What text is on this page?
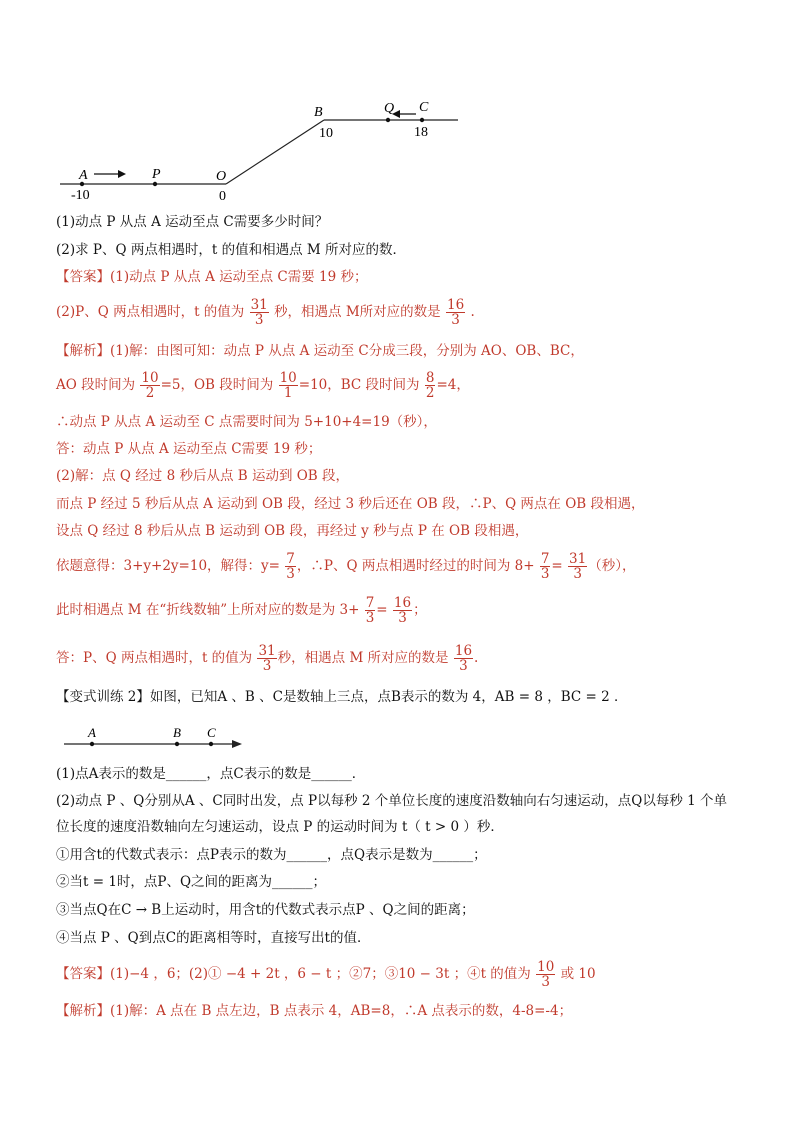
A	P	O
B	Q C
-10	0
10	18
(1)动点 P 从点 A 运动至点 C需要多少时间？
(2)求 P、Q 两点相遇时，t 的值和相遇点 M 所对应的数．
【答案】(1)动点 P 从点 A 运动至点 C需要 19 秒；
(2)P、Q 两点相遇时，t 的值为 $\frac{31}{3}$ 秒，相遇点 M所对应的数是 $\frac{16}{3}$ .
【解析】(1)解：由图可知：动点 P 从点 A 运动至 C分成三段，分别为 AO、OB、BC，
AO 段时间为 $\frac{10}{2} =5$，OB 段时间为 $\frac{10}{1} =10$，BC 段时间为 $\frac{8}{2} =4$，
∴动点 P 从点 A 运动至 C 点需要时间为 5+10+4=19（秒），
答：动点 P 从点 A 运动至点 C需要 19 秒；
(2)解：点 Q 经过 8 秒后从点 B 运动到 OB 段，
而点 P 经过 5 秒后从点 A 运动到 OB 段，经过 3 秒后还在 OB 段，∴P、Q 两点在 OB 段相遇，
设点 Q 经过 8 秒后从点 B 运动到 OB 段，再经过 y 秒与点 P 在 OB 段相遇，
依题意得：3+y+2y=10，解得：$y= \frac{7}{3}$ ，∴P、Q 两点相遇时经过的时间为 $8+ \frac{7}{3} = \frac{31}{3}$ （秒），
此时相遇点 M 在“折线数轴”上所对应的数是为 $3+ \frac{7}{3} = \frac{16}{3}$ ；
答：P、Q 两点相遇时，t 的值为 $\frac{31}{3}$ 秒，相遇点 M 所对应的数是 $\frac{16}{3}$ .
【变式训练 2】如图，已知A 、B 、C是数轴上三点，点B表示的数为 4，AB = 8 ，BC = 2 ．
A	B C
(1)点A表示的数是______，点C表示的数是______．
(2)动点 P 、Q分别从A 、C同时出发，点 P以每秒 2 个单位长度的速度沿数轴向右匀速运动，点Q以每秒 1 个单
位长度的速度沿数轴向左匀速运动，设点 P 的运动时间为 t（ t > 0 ）秒．
①用含t的代数式表示：点P表示的数为______，点Q表示是数为______；
②当t = 1时，点P、Q之间的距离为______；
③当点Q在C → B上运动时，用含t的代数式表示点P 、Q之间的距离；
④当点 P 、Q到点C的距离相等时，直接写出t的值．
【答案】(1)−4 ，6；(2)① −4 + 2t ，6 − t ；②7；③10 − 3t ；④t 的值为 $\frac{10}{3}$ 或 10
【解析】(1)解：A 点在 B 点左边，B 点表示 4，AB=8，∴A 点表示的数，4-8=-4；
